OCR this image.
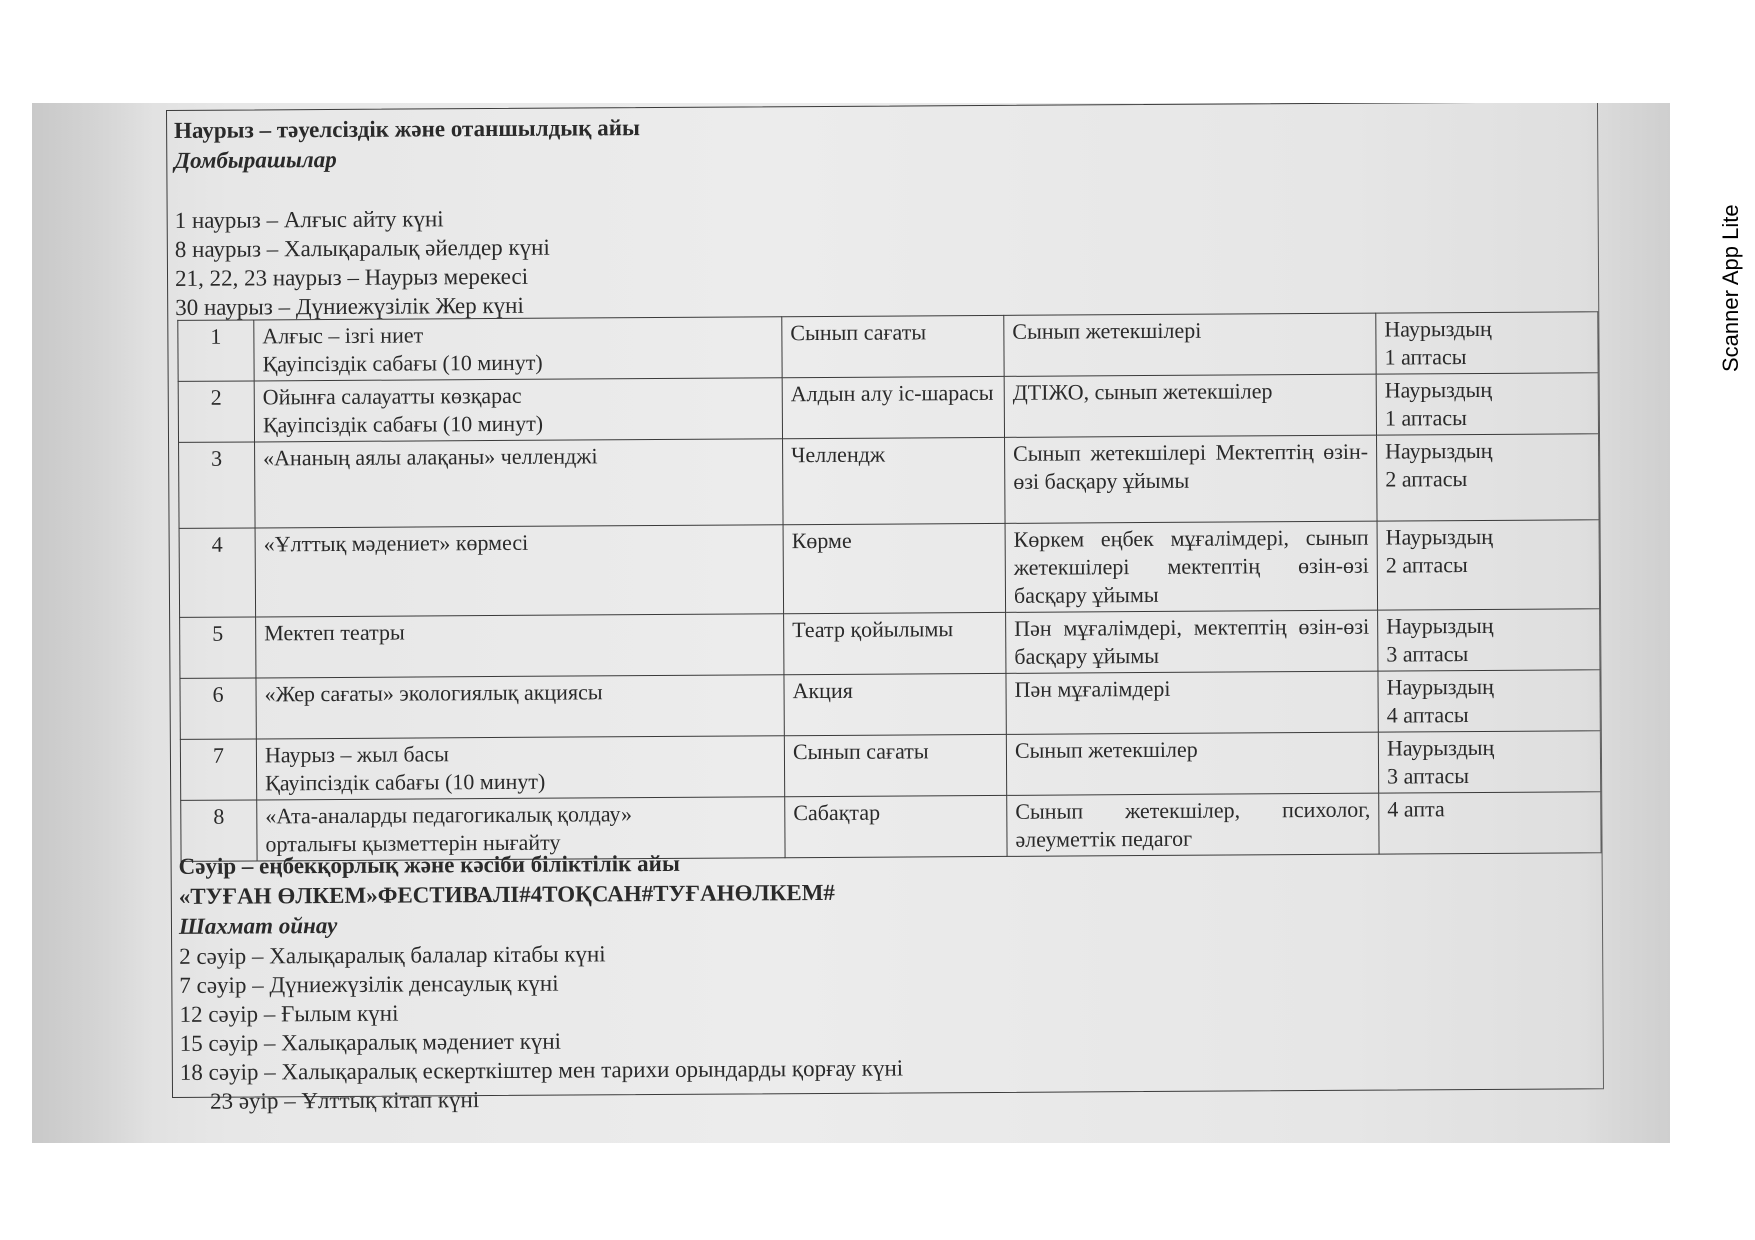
Наурыз – тәуелсіздік және отаншылдық айы
Домбырашылар
1 наурыз – Алғыс айту күні
8 наурыз – Халықаралық әйелдер күні
21, 22, 23 наурыз – Наурыз мерекесі
30 наурыз – Дүниежүзілік Жер күні
1	Алғыс – ізгі ниет
Қауіпсіздік сабағы (10 минут)	Сынып сағаты	Сынып жетекшілері	Наурыздың
1 аптасы

2	Ойынға салауатты көзқарас
Қауіпсіздік сабағы (10 минут)	Алдын алу іс-шарасы	ДТІЖО, сынып жетекшілер	Наурыздың
1 аптасы

3	«Ананың аялы алақаны» челленджі	Челлендж	Сынып жетекшілері Мектептің өзін-өзі басқару ұйымы	Наурыздың
2 аптасы

4	«Ұлттық мәдениет» көрмесі	Көрме	Көркем еңбек мұғалімдері, сынып жетекшілері мектептің өзін-өзі басқару ұйымы	Наурыздың
2 аптасы

5	Мектеп театры	Театр қойылымы	Пән мұғалімдері, мектептің өзін-өзі басқару ұйымы	Наурыздың
3 аптасы

6	«Жер сағаты» экологиялық акциясы	Акция	Пән мұғалімдері	Наурыздың
4 аптасы

7	Наурыз – жыл басы
Қауіпсіздік сабағы (10 минут)	Сынып сағаты	Сынып жетекшілер	Наурыздың
3 аптасы

8	«Ата-аналарды педагогикалық қолдау»
орталығы қызметтерін нығайту	Сабақтар	Сынып жетекшілер, психолог, әлеуметтік педагог	4 апта
Сәуір – еңбекқорлық және кәсіби біліктілік айы
«ТУҒАН ӨЛКЕМ»ФЕСТИВАЛІ#4ТОҚСАН#ТУҒАНӨЛКЕМ#
Шахмат ойнау
2 сәуір – Халықаралық балалар кітабы күні
7 сәуір – Дүниежүзілік денсаулық күні
12 сәуір – Ғылым күні
15 сәуір – Халықаралық мәдениет күні
18 сәуір – Халықаралық ескерткіштер мен тарихи орындарды қорғау күні
23 әуір – Ұлттық кітап күні
Scanner App Lite
